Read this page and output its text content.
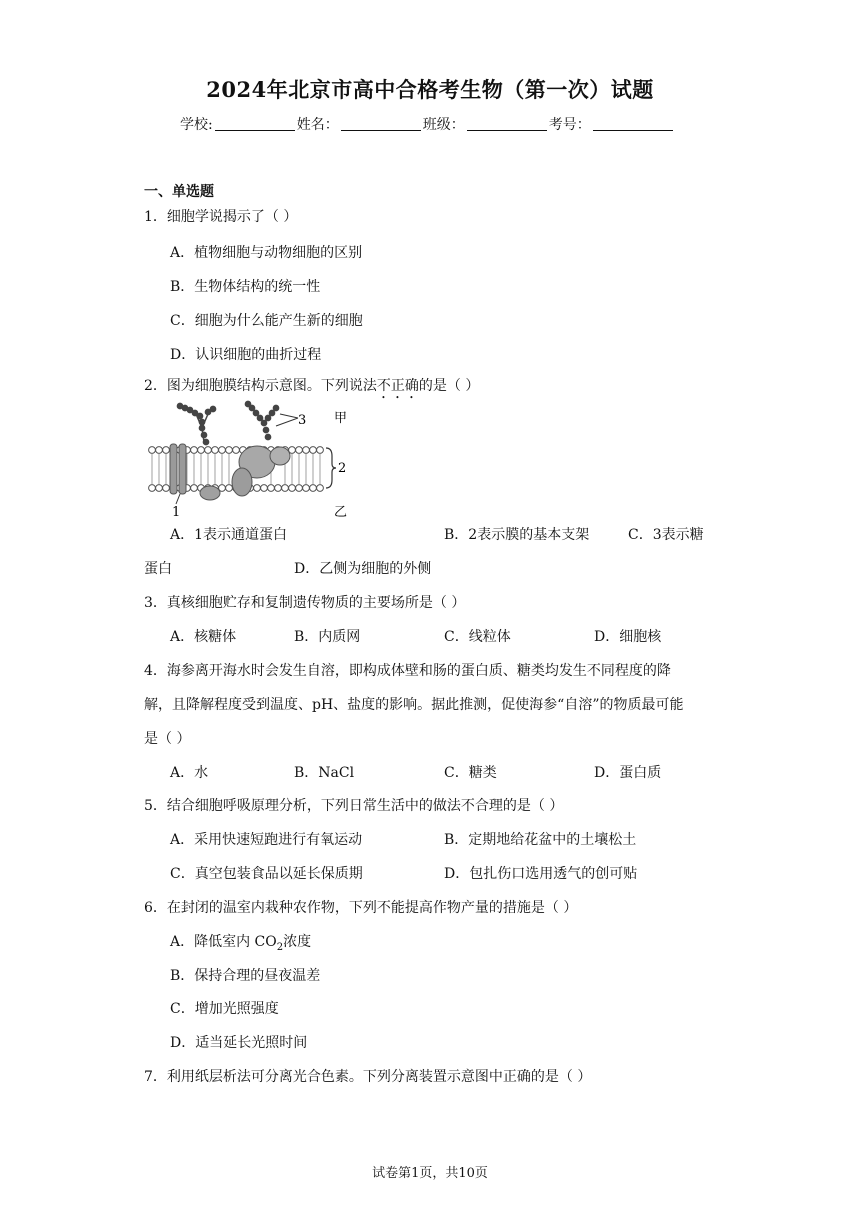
2024年北京市高中合格考生物（第一次）试题
学校:	姓名：	班级：	考号：
一、单选题
1．细胞学说揭示了（ ）
A．植物细胞与动物细胞的区别
B．生物体结构的统一性
C．细胞为什么能产生新的细胞
D．认识细胞的曲折过程
2．图为细胞膜结构示意图。下列说法不正确的是（ ）
3 甲
2
1	乙
A．1表示通道蛋白	B．2表示膜的基本支架	C．3表示糖
蛋白	D．乙侧为细胞的外侧
3．真核细胞贮存和复制遗传物质的主要场所是（ ）
A．核糖体	B．内质网	C．线粒体	D．细胞核
4．海参离开海水时会发生自溶，即构成体壁和肠的蛋白质、糖类均发生不同程度的降
解，且降解程度受到温度、pH、盐度的影响。据此推测，促使海参“自溶”的物质最可能
是（ ）
A．水	B．NaCl	C．糖类	D．蛋白质
5．结合细胞呼吸原理分析，下列日常生活中的做法不合理的是（ ）
A．采用快速短跑进行有氧运动	B．定期地给花盆中的土壤松土
C．真空包装食品以延长保质期	D．包扎伤口选用透气的创可贴
6．在封闭的温室内栽种农作物，下列不能提高作物产量的措施是（ ）
A．降低室内 $CO_2$浓度
B．保持合理的昼夜温差
C．增加光照强度
D．适当延长光照时间
7．利用纸层析法可分离光合色素。下列分离装置示意图中正确的是（ ）
试卷第1页，共10页
